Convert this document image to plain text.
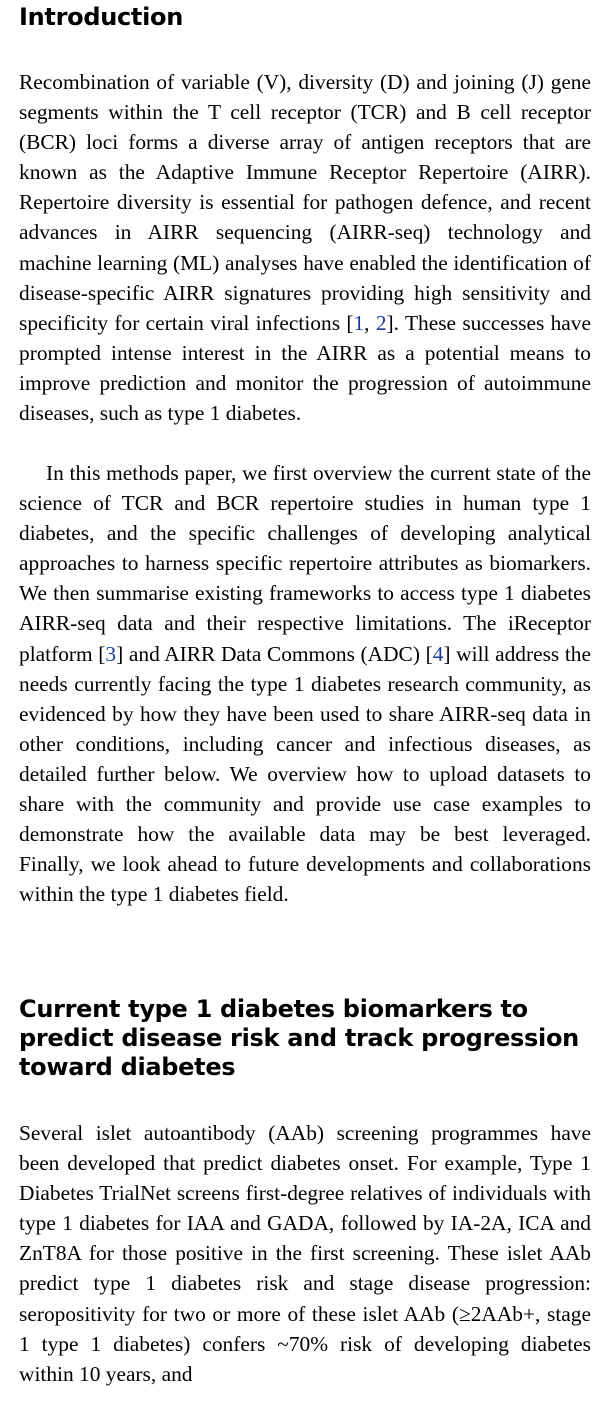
Introduction

Recombination of variable (V), diversity (D) and joining (J) gene segments within the T cell receptor (TCR) and B cell receptor (BCR) loci forms a diverse array of antigen receptors that are known as the Adaptive Immune Receptor Repertoire (AIRR). Repertoire diversity is essential for pathogen defence, and recent advances in AIRR sequencing (AIRR-seq) technology and machine learning (ML) analyses have enabled the identification of disease-specific AIRR signatures providing high sensitivity and specificity for certain viral infections [1, 2]. These successes have prompted intense interest in the AIRR as a potential means to improve prediction and monitor the progression of autoimmune diseases, such as type 1 diabetes.

In this methods paper, we first overview the current state of the science of TCR and BCR repertoire studies in human type 1 diabetes, and the specific challenges of developing analytical approaches to harness specific repertoire attributes as biomarkers. We then summarise existing frameworks to access type 1 diabetes AIRR-seq data and their respective limitations. The iReceptor platform [3] and AIRR Data Commons (ADC) [4] will address the needs currently facing the type 1 diabetes research community, as evidenced by how they have been used to share AIRR-seq data in other conditions, including cancer and infectious diseases, as detailed further below. We overview how to upload datasets to share with the community and provide use case examples to demonstrate how the available data may be best leveraged. Finally, we look ahead to future developments and collaborations within the type 1 diabetes field.

Current type 1 diabetes biomarkers to predict disease risk and track progression toward diabetes

Several islet autoantibody (AAb) screening programmes have been developed that predict diabetes onset. For example, Type 1 Diabetes TrialNet screens first-degree relatives of individuals with type 1 diabetes for IAA and GADA, followed by IA-2A, ICA and ZnT8A for those positive in the first screening. These islet AAb predict type 1 diabetes risk and stage disease progression: seropositivity for two or more of these islet AAb (≥2AAb+, stage 1 type 1 diabetes) confers ~70% risk of developing diabetes within 10 years, and
